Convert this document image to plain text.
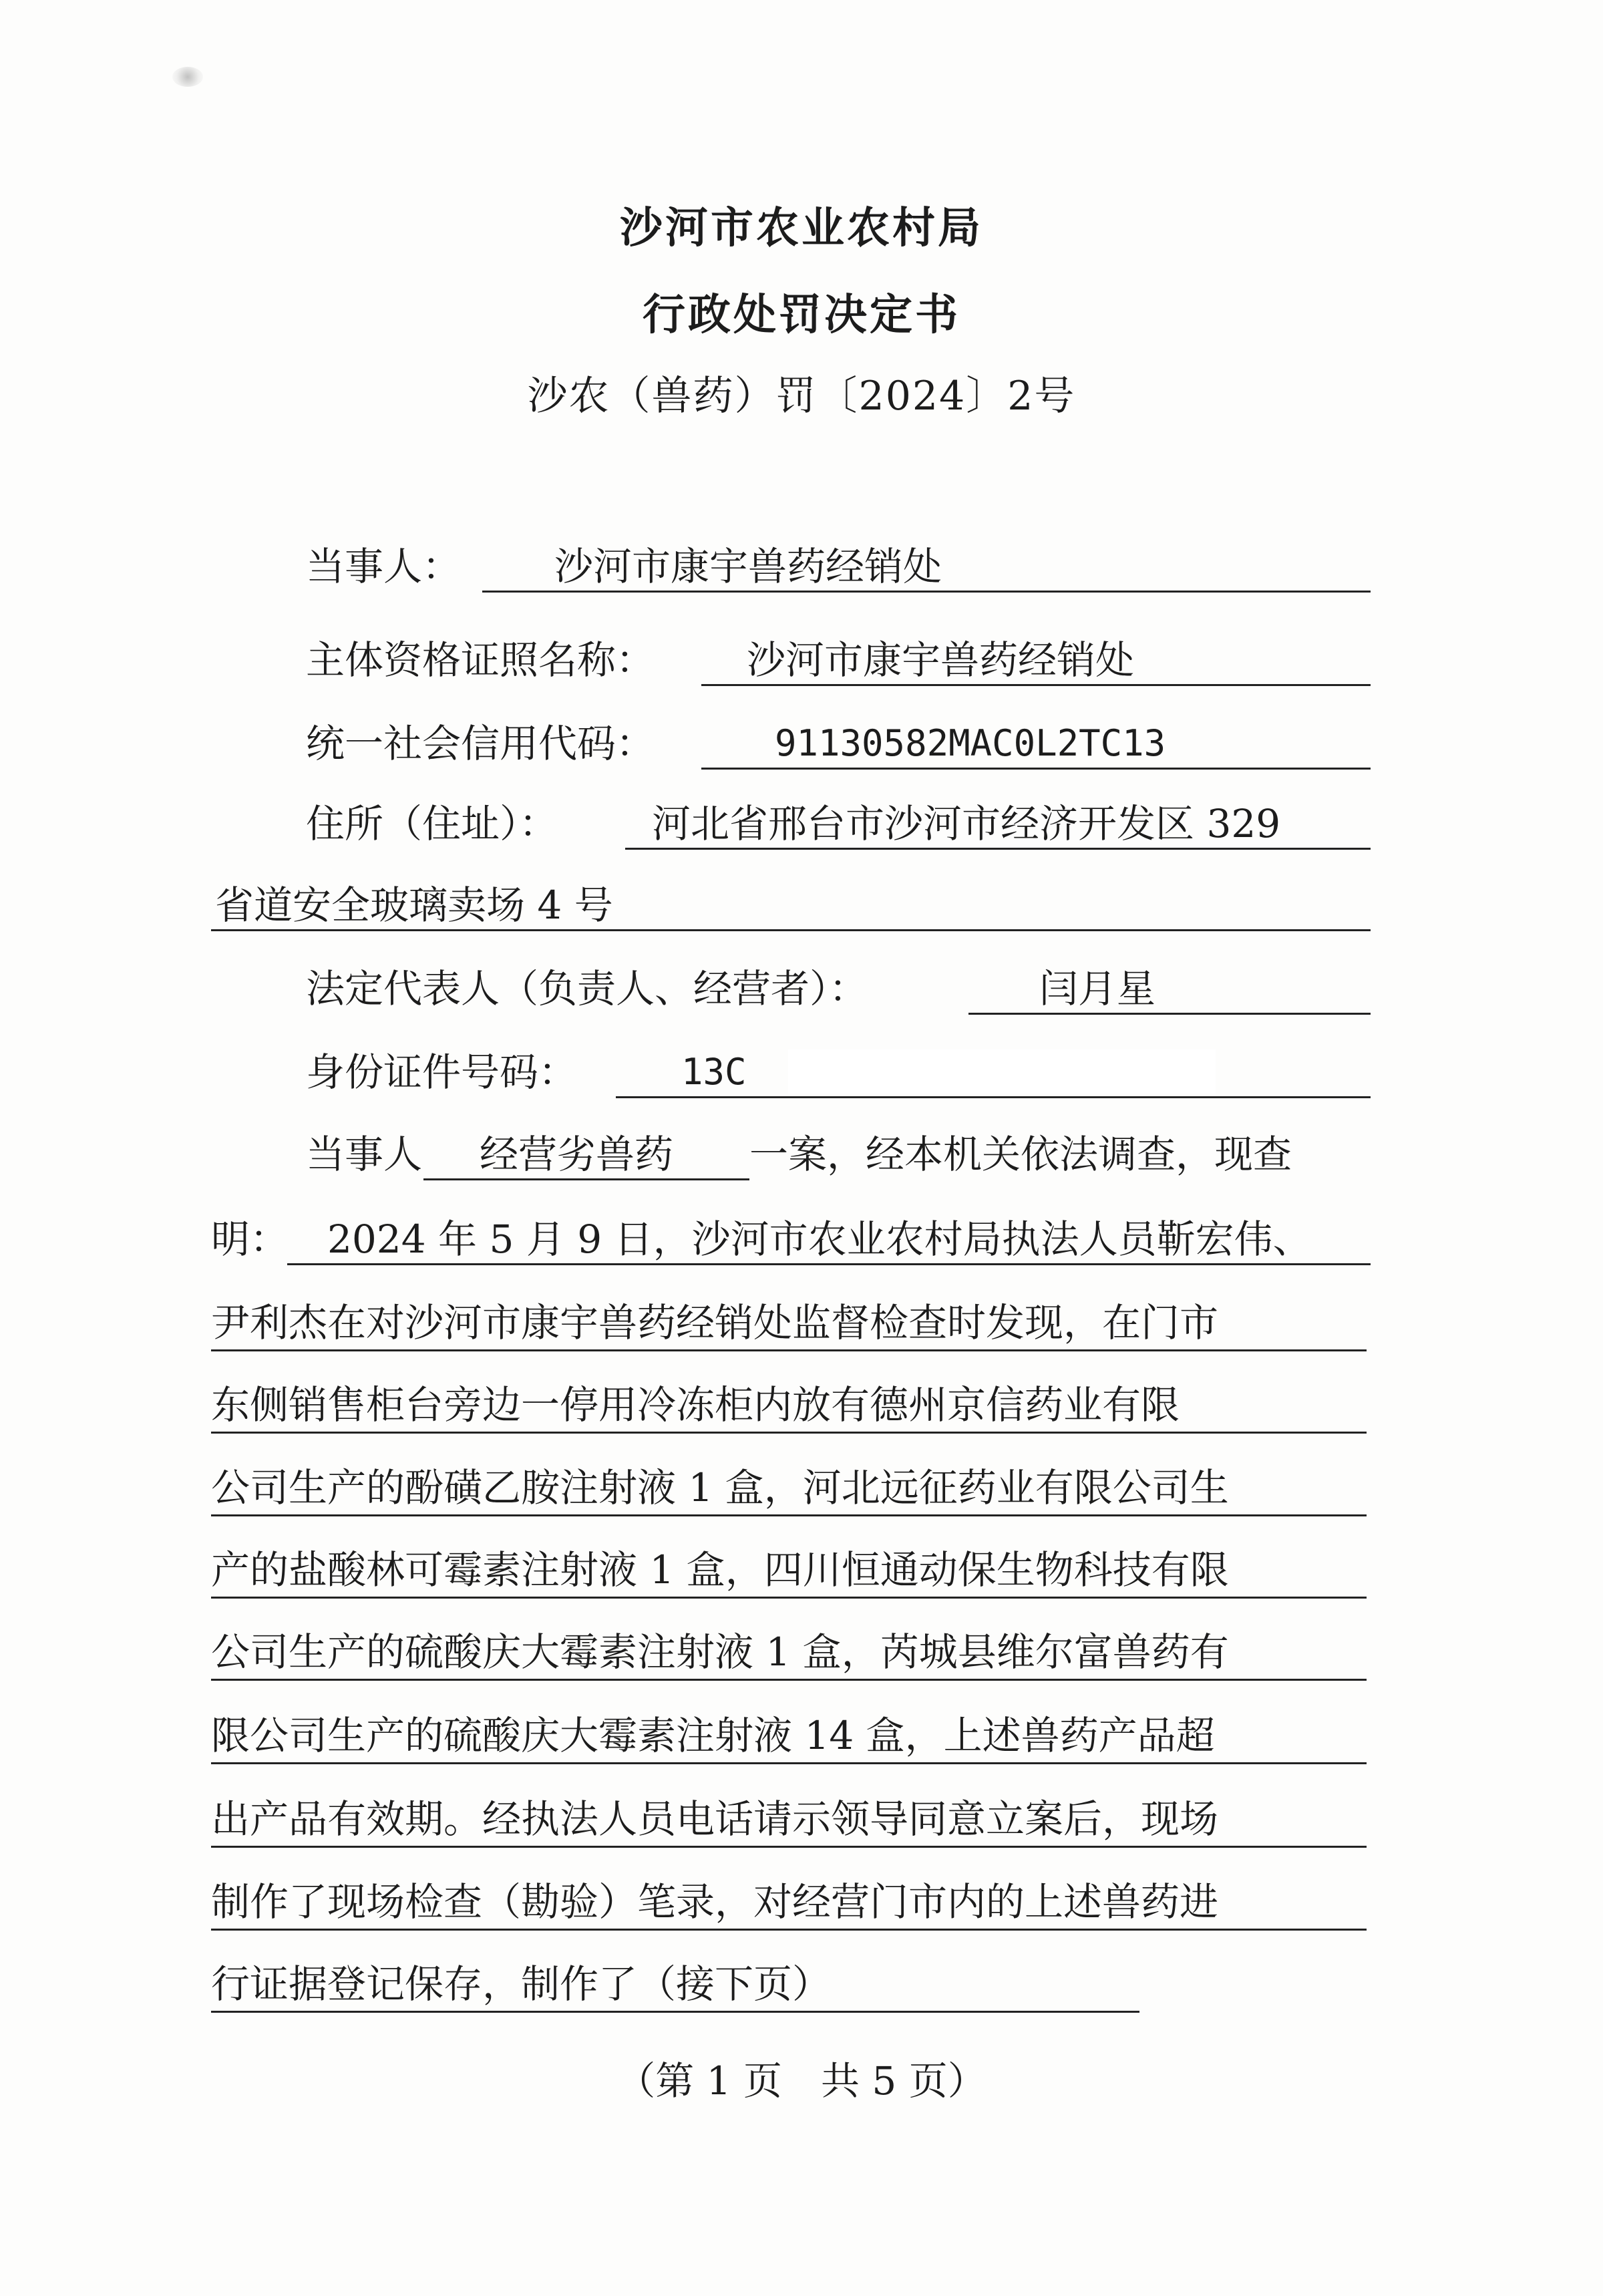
沙河市农业农村局
行政处罚决定书
沙农（兽药）罚〔2024〕2号
当事人： 沙河市康宇兽药经销处
主体资格证照名称： 沙河市康宇兽药经销处
统一社会信用代码：	91130582MAC0L2TC13
住所（住址）： 河北省邢台市沙河市经济开发区 329
省道安全玻璃卖场 4 号
法定代表人（负责人、经营者）：	闫月星
身份证件号码：	13C
当事人 经营劣兽药 一案，经本机关依法调查，现查
明： 2024 年 5 月 9 日，沙河市农业农村局执法人员靳宏伟、
尹利杰在对沙河市康宇兽药经销处监督检查时发现，在门市
东侧销售柜台旁边一停用冷冻柜内放有德州京信药业有限
公司生产的酚磺乙胺注射液 1 盒，河北远征药业有限公司生
产的盐酸林可霉素注射液 1 盒，四川恒通动保生物科技有限
公司生产的硫酸庆大霉素注射液 1 盒，芮城县维尔富兽药有
限公司生产的硫酸庆大霉素注射液 14 盒，上述兽药产品超
出产品有效期。经执法人员电话请示领导同意立案后，现场
制作了现场检查（勘验）笔录，对经营门市内的上述兽药进
行证据登记保存，制作了（接下页）
（第 1 页　共 5 页）
